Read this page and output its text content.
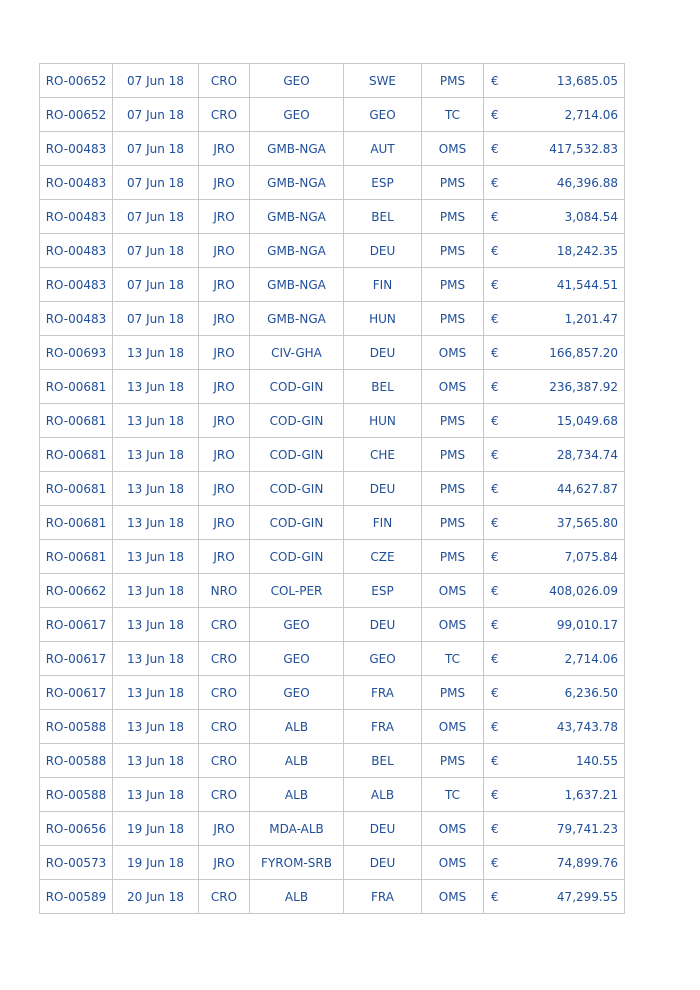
RO-00652	07 Jun 18	CRO	GEO	SWE	PMS	€ 13,685.05

RO-00652	07 Jun 18	CRO	GEO	GEO	TC	€ 2,714.06

RO-00483	07 Jun 18	JRO	GMB-NGA	AUT	OMS	€ 417,532.83

RO-00483	07 Jun 18	JRO	GMB-NGA	ESP	PMS	€ 46,396.88

RO-00483	07 Jun 18	JRO	GMB-NGA	BEL	PMS	€ 3,084.54

RO-00483	07 Jun 18	JRO	GMB-NGA	DEU	PMS	€ 18,242.35

RO-00483	07 Jun 18	JRO	GMB-NGA	FIN	PMS	€ 41,544.51

RO-00483	07 Jun 18	JRO	GMB-NGA	HUN	PMS	€ 1,201.47

RO-00693	13 Jun 18	JRO	CIV-GHA	DEU	OMS	€ 166,857.20

RO-00681	13 Jun 18	JRO	COD-GIN	BEL	OMS	€ 236,387.92

RO-00681	13 Jun 18	JRO	COD-GIN	HUN	PMS	€ 15,049.68

RO-00681	13 Jun 18	JRO	COD-GIN	CHE	PMS	€ 28,734.74

RO-00681	13 Jun 18	JRO	COD-GIN	DEU	PMS	€ 44,627.87

RO-00681	13 Jun 18	JRO	COD-GIN	FIN	PMS	€ 37,565.80

RO-00681	13 Jun 18	JRO	COD-GIN	CZE	PMS	€ 7,075.84

RO-00662	13 Jun 18	NRO	COL-PER	ESP	OMS	€ 408,026.09

RO-00617	13 Jun 18	CRO	GEO	DEU	OMS	€ 99,010.17

RO-00617	13 Jun 18	CRO	GEO	GEO	TC	€ 2,714.06

RO-00617	13 Jun 18	CRO	GEO	FRA	PMS	€ 6,236.50

RO-00588	13 Jun 18	CRO	ALB	FRA	OMS	€ 43,743.78

RO-00588	13 Jun 18	CRO	ALB	BEL	PMS	€ 140.55

RO-00588	13 Jun 18	CRO	ALB	ALB	TC	€ 1,637.21

RO-00656	19 Jun 18	JRO	MDA-ALB	DEU	OMS	€ 79,741.23

RO-00573	19 Jun 18	JRO	FYROM-SRB	DEU	OMS	€ 74,899.76

RO-00589	20 Jun 18	CRO	ALB	FRA	OMS	€ 47,299.55
